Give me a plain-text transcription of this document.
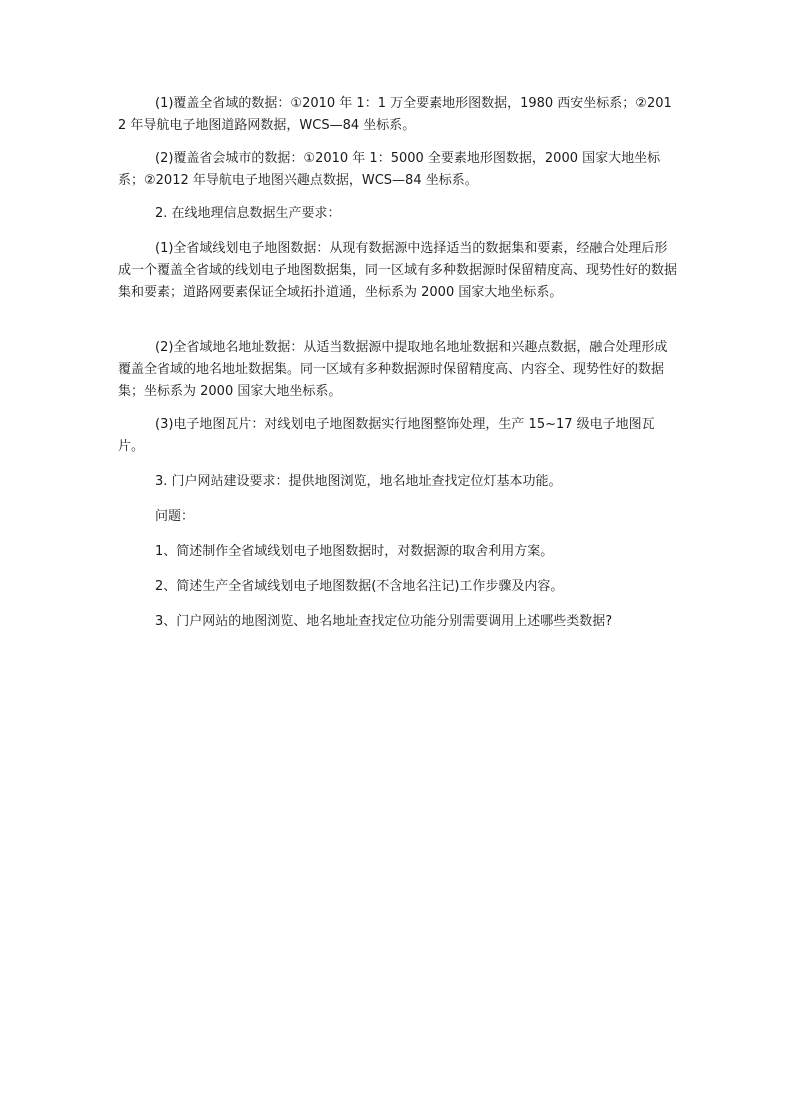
(1)覆盖全省域的数据：①2010 年 1：1 万全要素地形图数据，1980 西安坐标系；②2012 年导航电子地图道路网数据，WCS—84 坐标系。

(2)覆盖省会城市的数据：①2010 年 1：5000 全要素地形图数据，2000 国家大地坐标系；②2012 年导航电子地图兴趣点数据，WCS—84 坐标系。

2. 在线地理信息数据生产要求：

(1)全省域线划电子地图数据：从现有数据源中选择适当的数据集和要素，经融合处理后形成一个覆盖全省域的线划电子地图数据集，同一区域有多种数据源时保留精度高、现势性好的数据集和要素；道路网要素保证全域拓扑道通，坐标系为 2000 国家大地坐标系。

(2)全省域地名地址数据：从适当数据源中提取地名地址数据和兴趣点数据，融合处理形成覆盖全省域的地名地址数据集。同一区域有多种数据源时保留精度高、内容全、现势性好的数据集；坐标系为 2000 国家大地坐标系。

(3)电子地图瓦片：对线划电子地图数据实行地图整饰处理，生产 15~17 级电子地图瓦片。

3. 门户网站建设要求：提供地图浏览，地名地址查找定位灯基本功能。

问题：

1、简述制作全省域线划电子地图数据时，对数据源的取舍利用方案。

2、简述生产全省域线划电子地图数据(不含地名注记)工作步骤及内容。

3、门户网站的地图浏览、地名地址查找定位功能分别需要调用上述哪些类数据?
